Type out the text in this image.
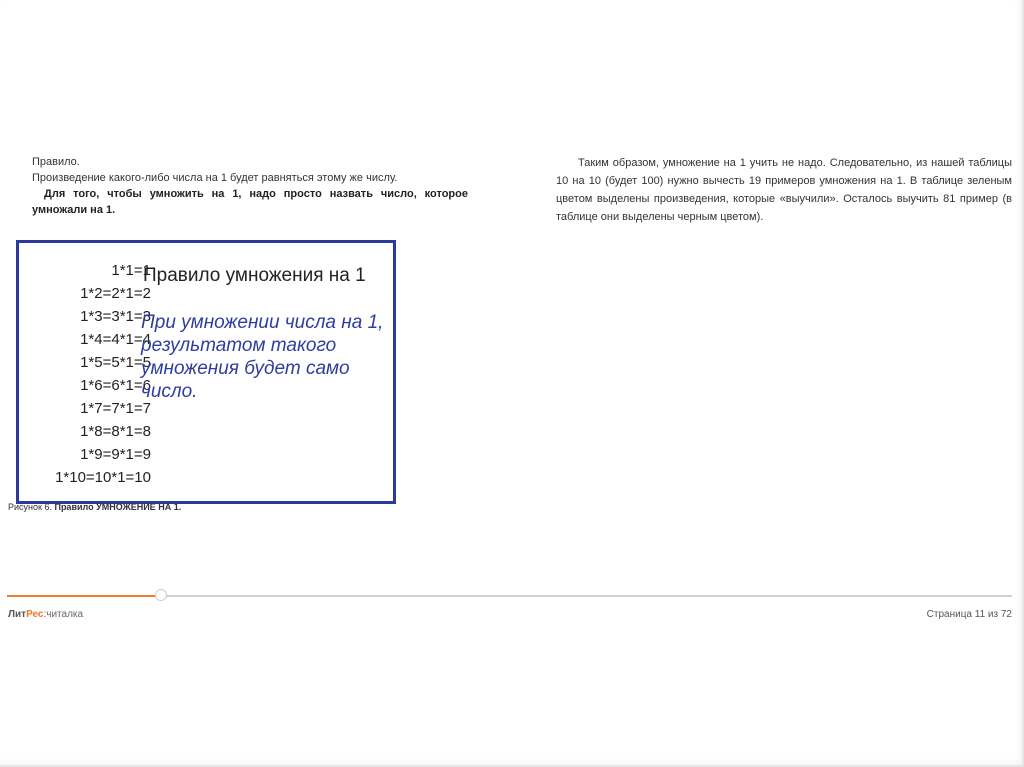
Правило.

Произведение какого-либо числа на 1 будет равняться этому же числу.

Для того, чтобы умножить на 1, надо просто назвать число, которое умножали на 1.

Таким образом, умножение на 1 учить не надо. Следовательно, из нашей таблицы 10 на 10 (будет 100) нужно вычесть 19 примеров умножения на 1. В таблице зеленым цветом выделены произведения, которые «выучили». Осталось выучить 81 пример (в таблице они выделены черным цветом).

1*1=1
1*2=2*1=2
1*3=3*1=3
1*4=4*1=4
1*5=5*1=5
1*6=6*1=6
1*7=7*1=7
1*8=8*1=8
1*9=9*1=9
1*10=10*1=10
Правило умножения на 1
При умножении числа на 1, результатом такого умножения будет само число.
Рисунок 6. Правило УМНОЖЕНИЕ НА 1.
ЛитРес:читалка	Страница 11 из 72
